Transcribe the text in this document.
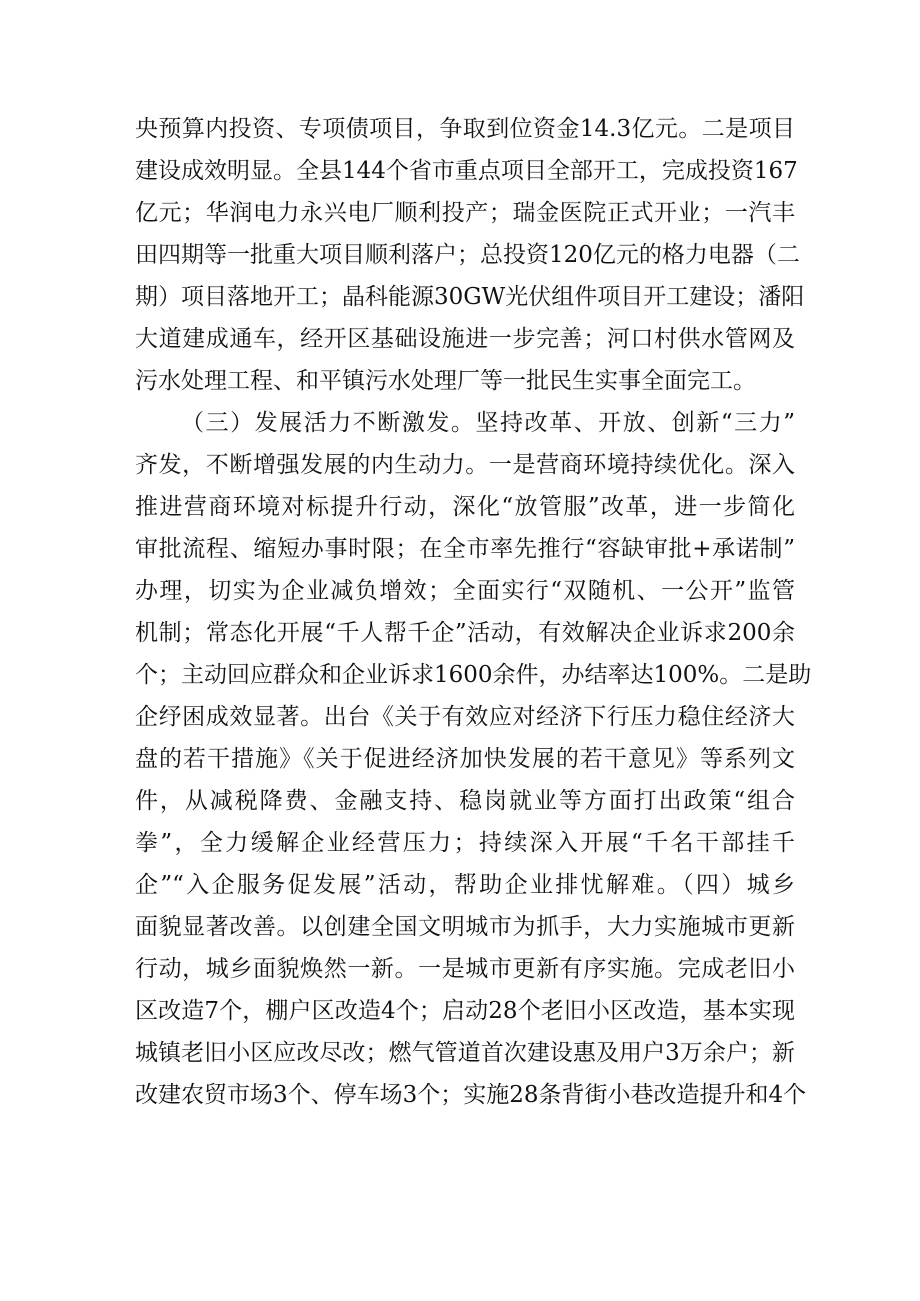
央预算内投资、专项债项目，争取到位资金14.3亿元。二是项目
建设成效明显。全县144个省市重点项目全部开工，完成投资167
亿元；华润电力永兴电厂顺利投产；瑞金医院正式开业；一汽丰
田四期等一批重大项目顺利落户；总投资120亿元的格力电器（二
期）项目落地开工；晶科能源30GW光伏组件项目开工建设；潘阳
大道建成通车，经开区基础设施进一步完善；河口村供水管网及
污水处理工程、和平镇污水处理厂等一批民生实事全面完工。
（三）发展活力不断激发。坚持改革、开放、创新“三力”
齐发，不断增强发展的内生动力。一是营商环境持续优化。深入
推进营商环境对标提升行动，深化“放管服”改革，进一步简化
审批流程、缩短办事时限；在全市率先推行“容缺审批+承诺制”
办理，切实为企业减负增效；全面实行“双随机、一公开”监管
机制；常态化开展“千人帮千企”活动，有效解决企业诉求200余
个；主动回应群众和企业诉求1600余件，办结率达100%。二是助
企纾困成效显著。出台《关于有效应对经济下行压力稳住经济大
盘的若干措施》《关于促进经济加快发展的若干意见》等系列文
件，从减税降费、金融支持、稳岗就业等方面打出政策“组合
拳”，全力缓解企业经营压力；持续深入开展“千名干部挂千
企”“入企服务促发展”活动，帮助企业排忧解难。（四）城乡
面貌显著改善。以创建全国文明城市为抓手，大力实施城市更新
行动，城乡面貌焕然一新。一是城市更新有序实施。完成老旧小
区改造7个，棚户区改造4个；启动28个老旧小区改造，基本实现
城镇老旧小区应改尽改；燃气管道首次建设惠及用户3万余户；新
改建农贸市场3个、停车场3个；实施28条背街小巷改造提升和4个
